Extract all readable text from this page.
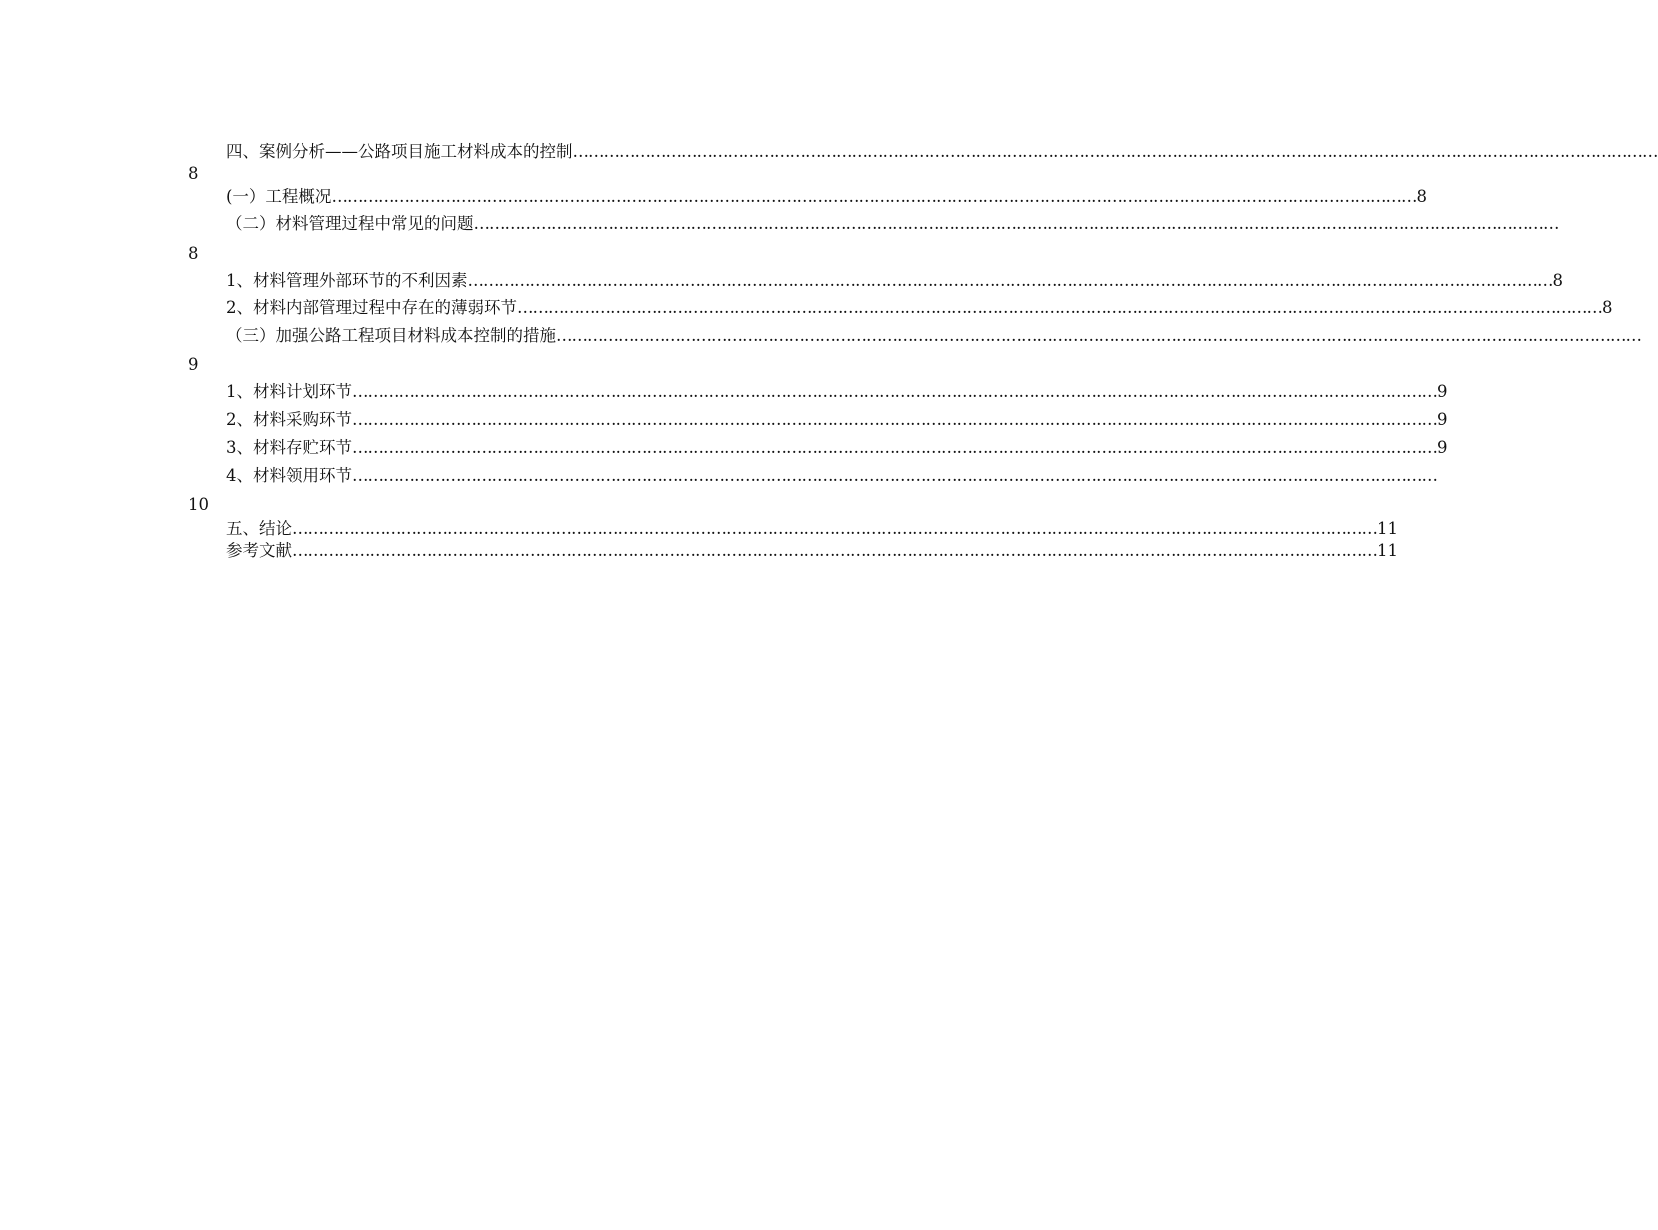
四、案例分析——公路项目施工材料成本的控制 …………………………………………………………………………………………………………………………………………………………………………………………
8
(一）工程概况 ………………………………………………………………………………………………………………………………………………………………………………………… 8
（二）材料管理过程中常见的问题 …………………………………………………………………………………………………………………………………………………………………………………………
8
1、材料管理外部环节的不利因素 ………………………………………………………………………………………………………………………………………………………………………………………… 8
2、材料内部管理过程中存在的薄弱环节 ………………………………………………………………………………………………………………………………………………………………………………………… 8
（三）加强公路工程项目材料成本控制的措施 …………………………………………………………………………………………………………………………………………………………………………………………
9
1、材料计划环节 ………………………………………………………………………………………………………………………………………………………………………………………… 9
2、材料采购环节 ………………………………………………………………………………………………………………………………………………………………………………………… 9
3、材料存贮环节 ………………………………………………………………………………………………………………………………………………………………………………………… 9
4、材料领用环节 …………………………………………………………………………………………………………………………………………………………………………………………
10
五、结论 ………………………………………………………………………………………………………………………………………………………………………………………… 11
参考文献 ………………………………………………………………………………………………………………………………………………………………………………………… 11
